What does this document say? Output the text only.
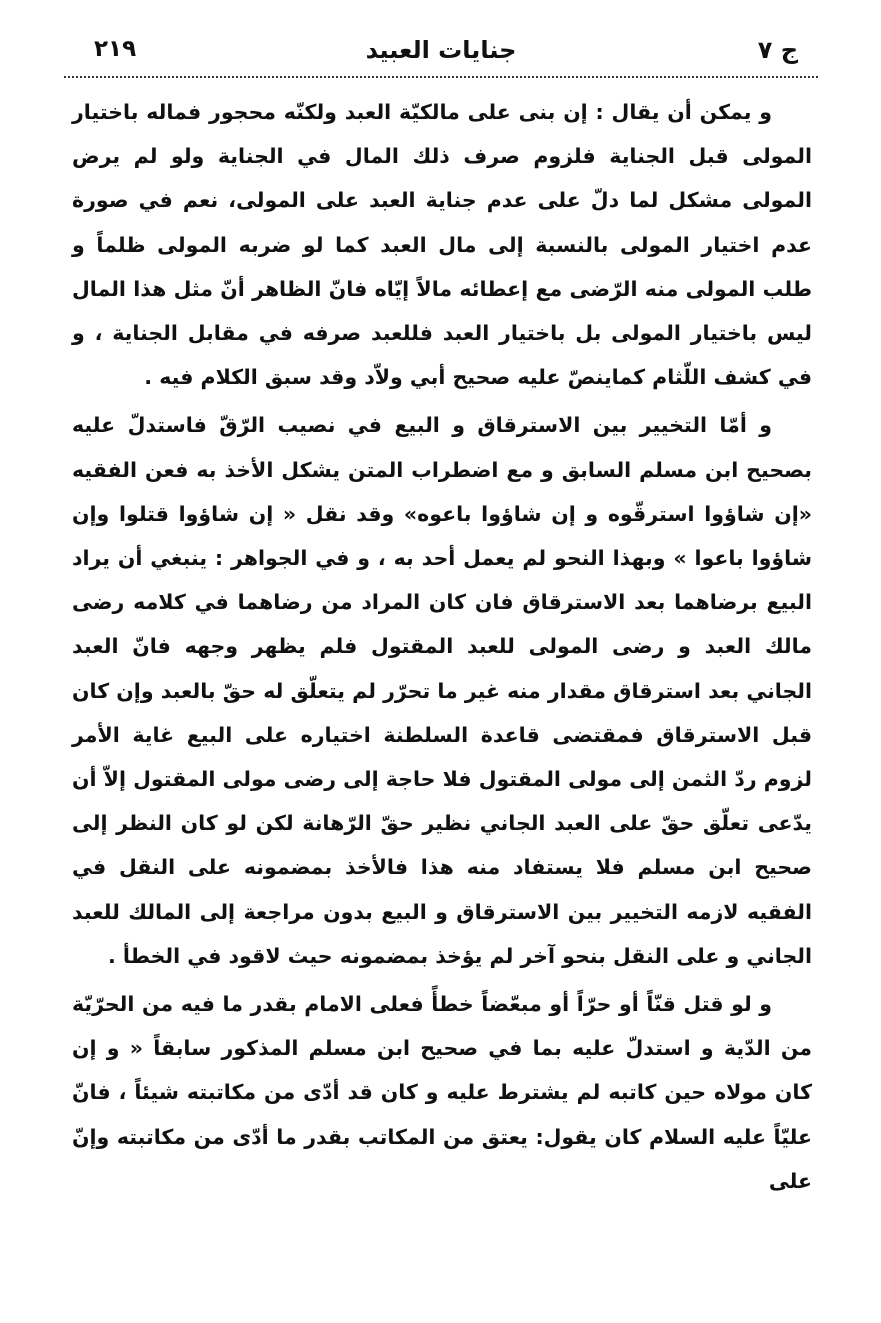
٢١٩	جنايات العبيد	ج ٧

و يمكن أن يقال : إن بنى على مالكيّة العبد ولكنّه محجور فماله باختيار المولى قبل الجناية فلزوم صرف ذلك المال في الجناية ولو لم يرض المولى مشكل لما دلّ على عدم جناية العبد على المولى، نعم في صورة عدم اختيار المولى بالنسبة إلى مال العبد كما لو ضربه المولى ظلماً و طلب المولى منه الرّضى مع إعطائه مالاً إيّاه فانّ الظاهر أنّ مثل هذا المال ليس باختيار المولى بل باختيار العبد فللعبد صرفه في مقابل الجناية ، و في كشف اللّثام كماينصّ عليه صحيح أبي ولاّد وقد سبق الكلام فيه .

و أمّا التخيير بين الاسترقاق و البيع في نصيب الرّقّ فاستدلّ عليه بصحيح ابن مسلم السابق و مع اضطراب المتن يشكل الأخذ به فعن الفقيه «إن شاؤوا استرقّوه و إن شاؤوا باعوه» وقد نقل « إن شاؤوا قتلوا وإن شاؤوا باعوا » وبهذا النحو لم يعمل أحد به ، و في الجواهر : ينبغي أن يراد البيع برضاهما بعد الاسترقاق فان كان المراد من رضاهما في كلامه رضى مالك العبد و رضى المولى للعبد المقتول فلم يظهر وجهه فانّ العبد الجاني بعد استرقاق مقدار منه غير ما تحرّر لم يتعلّق له حقّ بالعبد وإن كان قبل الاسترقاق فمقتضى قاعدة السلطنة اختياره على البيع غاية الأمر لزوم ردّ الثمن إلى مولى المقتول فلا حاجة إلى رضى مولى المقتول إلاّ أن يدّعى تعلّق حقّ على العبد الجاني نظير حقّ الرّهانة لكن لو كان النظر إلى صحيح ابن مسلم فلا يستفاد منه هذا فالأخذ بمضمونه على النقل في الفقيه لازمه التخيير بين الاسترقاق و البيع بدون مراجعة إلى المالك للعبد الجاني و على النقل بنحو آخر لم يؤخذ بمضمونه حيث لاقود في الخطأ .

و لو قتل قنّاً أو حرّاً أو مبعّضاً خطأً فعلى الامام بقدر ما فيه من الحرّيّة من الدّية و استدلّ عليه بما في صحيح ابن مسلم المذكور سابقاً « و إن كان مولاه حين كاتبه لم يشترط عليه و كان قد أدّى من مكاتبته شيئاً ، فانّ عليّاً عليه السلام كان يقول: يعتق من المكاتب بقدر ما أدّى من مكاتبته وإنّ على
